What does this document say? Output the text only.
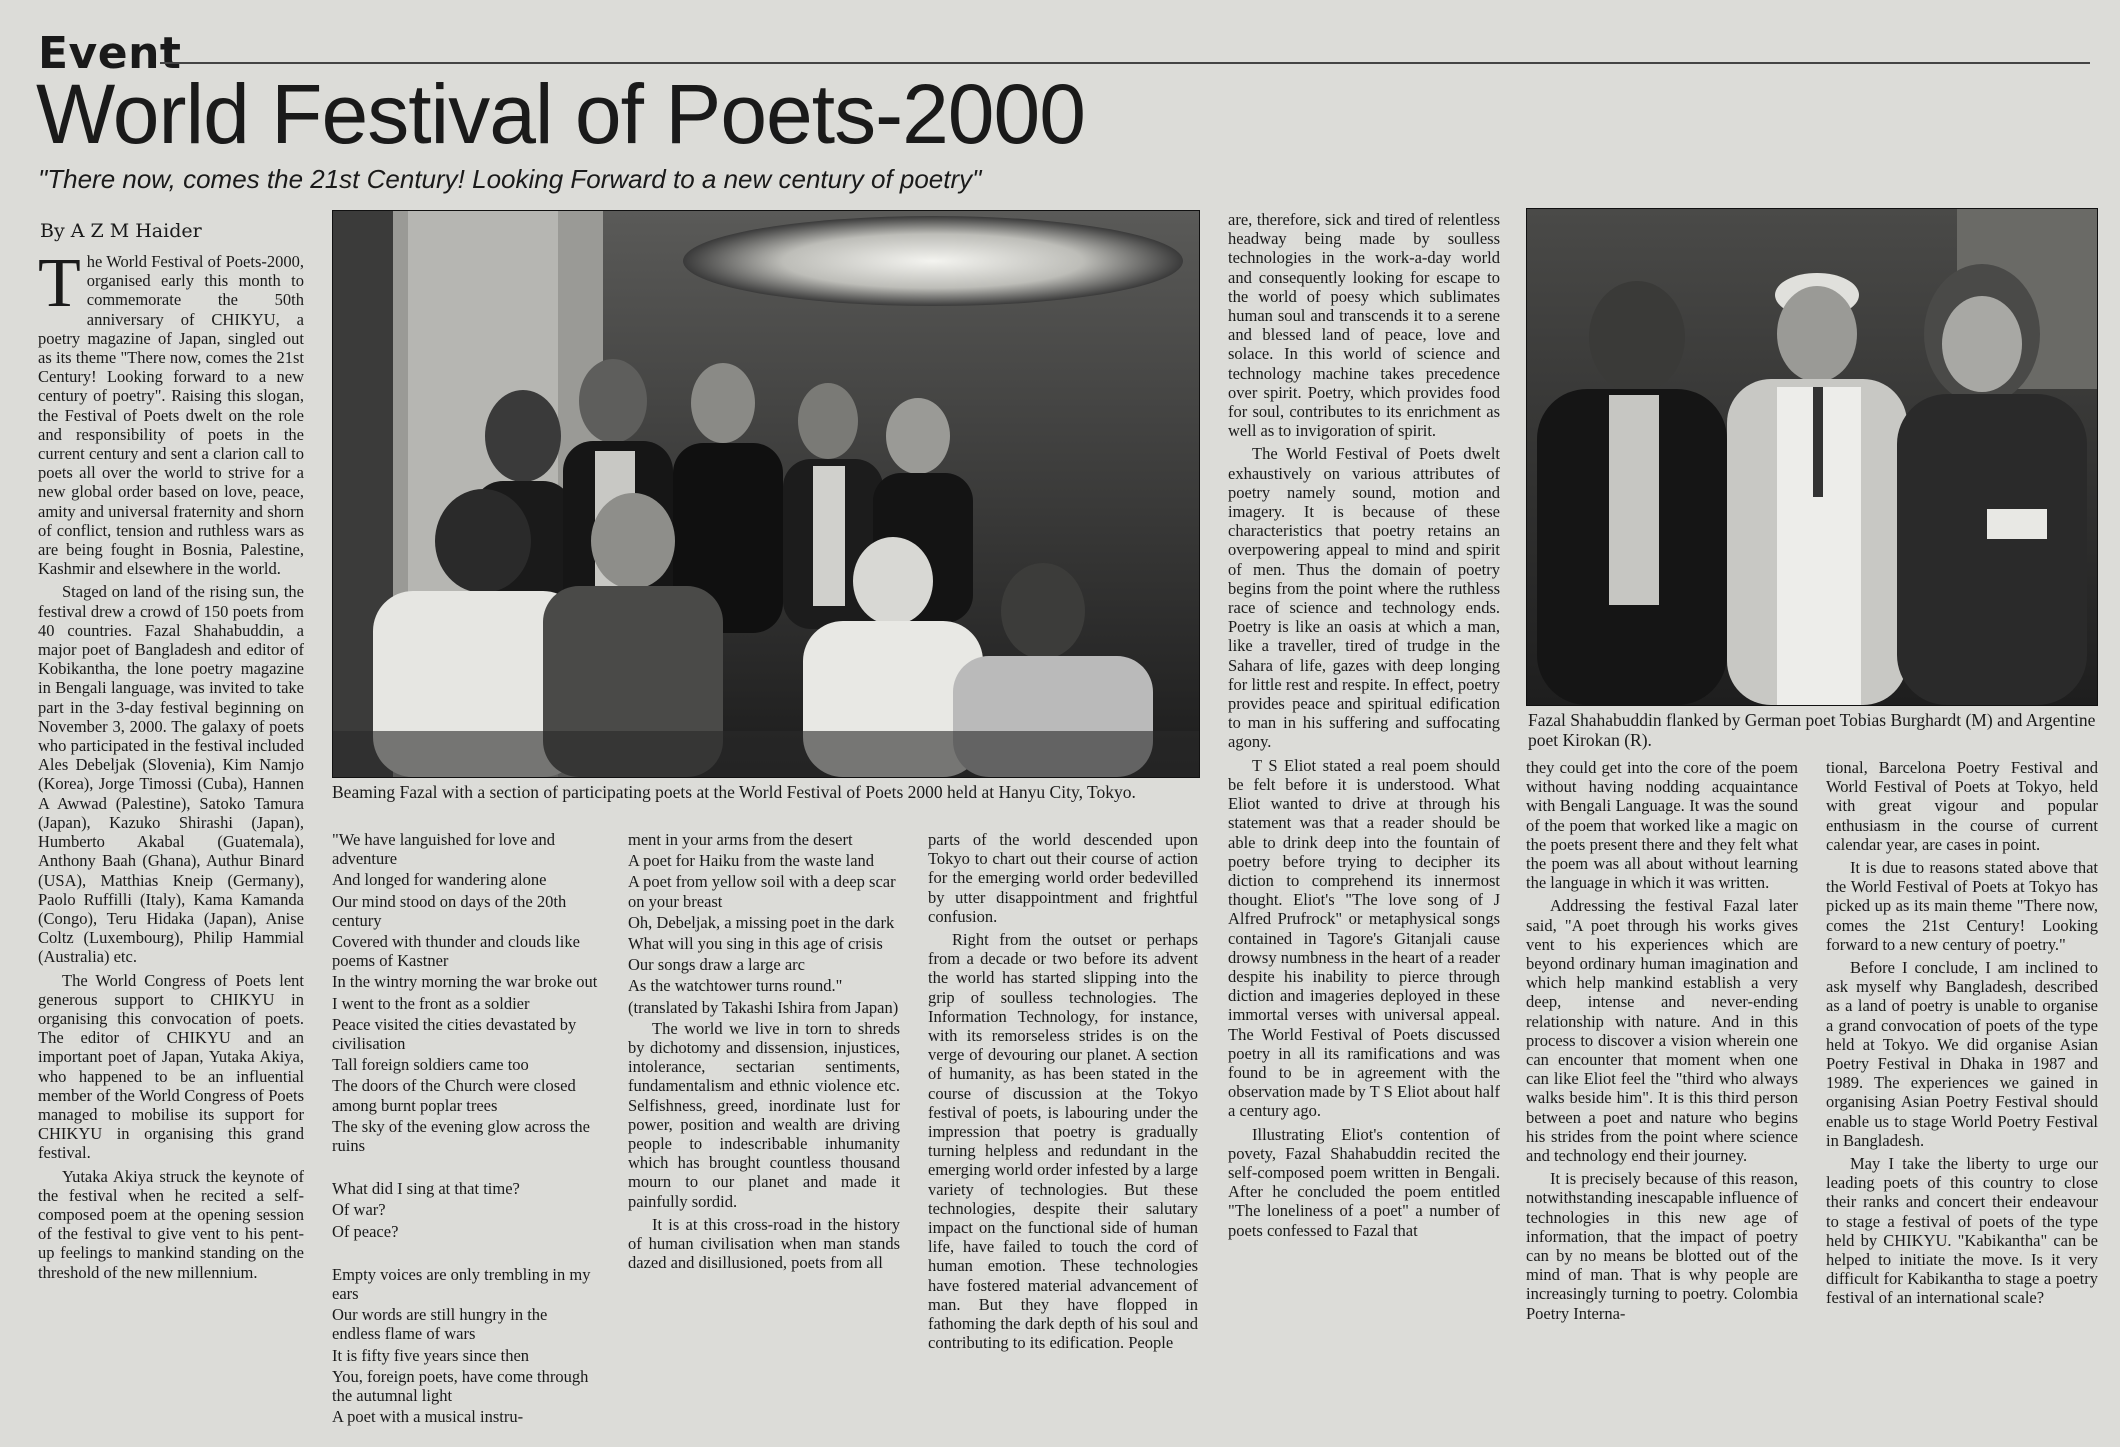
Event
World Festival of Poets-2000
"There now, comes the 21st Century! Looking Forward to a new century of poetry"
By A Z M Haider

The World Festival of Poets-2000, organised early this month to commemorate the 50th anniversary of CHIKYU, a poetry magazine of Japan, singled out as its theme "There now, comes the 21st Century! Looking forward to a new century of poetry". Raising this slogan, the Festival of Poets dwelt on the role and responsibility of poets in the current century and sent a clarion call to poets all over the world to strive for a new global order based on love, peace, amity and universal fraternity and shorn of conflict, tension and ruthless wars as are being fought in Bosnia, Palestine, Kashmir and elsewhere in the world.

Staged on land of the rising sun, the festival drew a crowd of 150 poets from 40 countries. Fazal Shahabuddin, a major poet of Bangladesh and editor of Kobikantha, the lone poetry magazine in Bengali language, was invited to take part in the 3-day festival beginning on November 3, 2000. The galaxy of poets who participated in the festival included Ales Debeljak (Slovenia), Kim Namjo (Korea), Jorge Timossi (Cuba), Hannen A Awwad (Palestine), Satoko Tamura (Japan), Kazuko Shirashi (Japan), Humberto Akabal (Guatemala), Anthony Baah (Ghana), Authur Binard (USA), Matthias Kneip (Germany), Paolo Ruffilli (Italy), Kama Kamanda (Congo), Teru Hidaka (Japan), Anise Coltz (Luxembourg), Philip Hammial (Australia) etc.

The World Congress of Poets lent generous support to CHIKYU in organising this convocation of poets. The editor of CHIKYU and an important poet of Japan, Yutaka Akiya, who happened to be an influential member of the World Congress of Poets managed to mobilise its support for CHIKYU in organising this grand festival.

Yutaka Akiya struck the keynote of the festival when he recited a self-composed poem at the opening session of the festival to give vent to his pent-up feelings to mankind standing on the threshold of the new millennium.

Beaming Fazal with a section of participating poets at the World Festival of Poets 2000 held at Hanyu City, Tokyo.

"We have languished for love and adventure

And longed for wandering alone

Our mind stood on days of the 20th century

Covered with thunder and clouds like poems of Kastner

In the wintry morning the war broke out

I went to the front as a soldier

Peace visited the cities devastated by civilisation

Tall foreign soldiers came too

The doors of the Church were closed among burnt poplar trees

The sky of the evening glow across the ruins

What did I sing at that time?

Of war?

Of peace?

Empty voices are only trembling in my ears

Our words are still hungry in the endless flame of wars

It is fifty five years since then

You, foreign poets, have come through the autumnal light

A poet with a musical instru-

ment in your arms from the desert

A poet for Haiku from the waste land

A poet from yellow soil with a deep scar on your breast

Oh, Debeljak, a missing poet in the dark

What will you sing in this age of crisis

Our songs draw a large arc

As the watchtower turns round."

(translated by Takashi Ishira from Japan)

The world we live in torn to shreds by dichotomy and dissension, injustices, intolerance, sectarian sentiments, fundamentalism and ethnic violence etc. Selfishness, greed, inordinate lust for power, position and wealth are driving people to indescribable inhumanity which has brought countless thousand mourn to our planet and made it painfully sordid.

It is at this cross-road in the history of human civilisation when man stands dazed and disillusioned, poets from all

parts of the world descended upon Tokyo to chart out their course of action for the emerging world order bedevilled by utter disappointment and frightful confusion.

Right from the outset or perhaps from a decade or two before its advent the world has started slipping into the grip of soulless technologies. The Information Technology, for instance, with its remorseless strides is on the verge of devouring our planet. A section of humanity, as has been stated in the course of discussion at the Tokyo festival of poets, is labouring under the impression that poetry is gradually turning helpless and redundant in the emerging world order infested by a large variety of technologies. But these technologies, despite their salutary impact on the functional side of human life, have failed to touch the cord of human emotion. These technologies have fostered material advancement of man. But they have flopped in fathoming the dark depth of his soul and contributing to its edification. People

are, therefore, sick and tired of relentless headway being made by soulless technologies in the work-a-day world and consequently looking for escape to the world of poesy which sublimates human soul and transcends it to a serene and blessed land of peace, love and solace. In this world of science and technology machine takes precedence over spirit. Poetry, which provides food for soul, contributes to its enrichment as well as to invigoration of spirit.

The World Festival of Poets dwelt exhaustively on various attributes of poetry namely sound, motion and imagery. It is because of these characteristics that poetry retains an overpowering appeal to mind and spirit of men. Thus the domain of poetry begins from the point where the ruthless race of science and technology ends. Poetry is like an oasis at which a man, like a traveller, tired of trudge in the Sahara of life, gazes with deep longing for little rest and respite. In effect, poetry provides peace and spiritual edification to man in his suffering and suffocating agony.

T S Eliot stated a real poem should be felt before it is understood. What Eliot wanted to drive at through his statement was that a reader should be able to drink deep into the fountain of poetry before trying to decipher its diction to comprehend its innermost thought. Eliot's "The love song of J Alfred Prufrock" or metaphysical songs contained in Tagore's Gitanjali cause drowsy numbness in the heart of a reader despite his inability to pierce through diction and imageries deployed in these immortal verses with universal appeal. The World Festival of Poets discussed poetry in all its ramifications and was found to be in agreement with the observation made by T S Eliot about half a century ago.

Illustrating Eliot's contention of povety, Fazal Shahabuddin recited the self-composed poem written in Bengali. After he concluded the poem entitled "The loneliness of a poet" a number of poets confessed to Fazal that

Fazal Shahabuddin flanked by German poet Tobias Burghardt (M) and Argentine poet Kirokan (R).

they could get into the core of the poem without having nodding acquaintance with Bengali Language. It was the sound of the poem that worked like a magic on the poets present there and they felt what the poem was all about without learning the language in which it was written.

Addressing the festival Fazal later said, "A poet through his works gives vent to his experiences which are beyond ordinary human imagination and which help mankind establish a very deep, intense and never-ending relationship with nature. And in this process to discover a vision wherein one can encounter that moment when one can like Eliot feel the "third who always walks beside him". It is this third person between a poet and nature who begins his strides from the point where science and technology end their journey.

It is precisely because of this reason, notwithstanding inescapable influence of technologies in this new age of information, that the impact of poetry can by no means be blotted out of the mind of man. That is why people are increasingly turning to poetry. Colombia Poetry Interna-

tional, Barcelona Poetry Festival and World Festival of Poets at Tokyo, held with great vigour and popular enthusiasm in the course of current calendar year, are cases in point.

It is due to reasons stated above that the World Festival of Poets at Tokyo has picked up as its main theme "There now, comes the 21st Century! Looking forward to a new century of poetry."

Before I conclude, I am inclined to ask myself why Bangladesh, described as a land of poetry is unable to organise a grand convocation of poets of the type held at Tokyo. We did organise Asian Poetry Festival in Dhaka in 1987 and 1989. The experiences we gained in organising Asian Poetry Festival should enable us to stage World Poetry Festival in Bangladesh.

May I take the liberty to urge our leading poets of this country to close their ranks and concert their endeavour to stage a festival of poets of the type held by CHIKYU. "Kabikantha" can be helped to initiate the move. Is it very difficult for Kabikantha to stage a poetry festival of an international scale?
